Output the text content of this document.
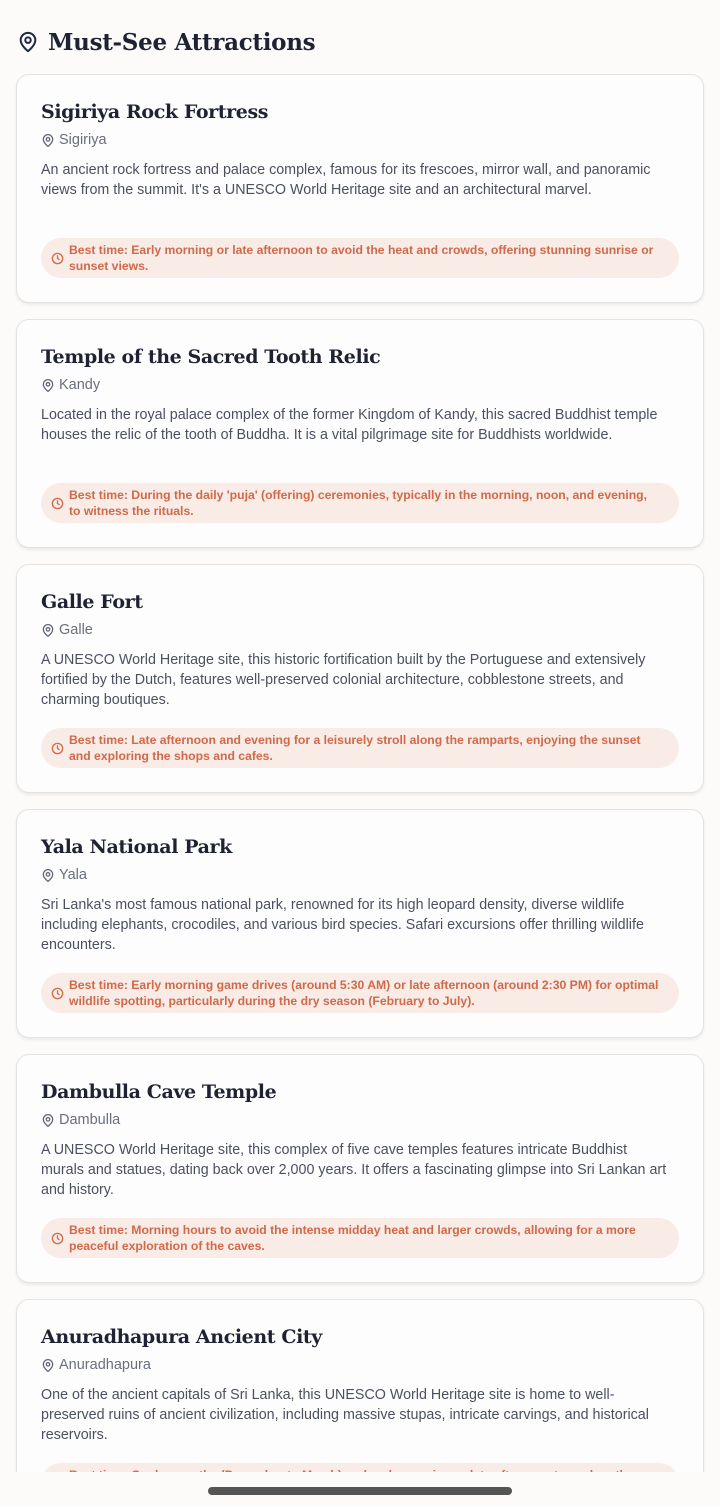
Must-See Attractions
Sigiriya Rock Fortress
Sigiriya

An ancient rock fortress and palace complex, famous for its frescoes, mirror wall, and panoramic views from the summit. It's a UNESCO World Heritage site and an architectural marvel.

Best time: Early morning or late afternoon to avoid the heat and crowds, offering stunning sunrise or sunset views.
Temple of the Sacred Tooth Relic
Kandy

Located in the royal palace complex of the former Kingdom of Kandy, this sacred Buddhist temple houses the relic of the tooth of Buddha. It is a vital pilgrimage site for Buddhists worldwide.

Best time: During the daily 'puja' (offering) ceremonies, typically in the morning, noon, and evening, to witness the rituals.
Galle Fort
Galle

A UNESCO World Heritage site, this historic fortification built by the Portuguese and extensively fortified by the Dutch, features well-preserved colonial architecture, cobblestone streets, and charming boutiques.

Best time: Late afternoon and evening for a leisurely stroll along the ramparts, enjoying the sunset and exploring the shops and cafes.
Yala National Park
Yala

Sri Lanka's most famous national park, renowned for its high leopard density, diverse wildlife including elephants, crocodiles, and various bird species. Safari excursions offer thrilling wildlife encounters.

Best time: Early morning game drives (around 5:30 AM) or late afternoon (around 2:30 PM) for optimal wildlife spotting, particularly during the dry season (February to July).
Dambulla Cave Temple
Dambulla

A UNESCO World Heritage site, this complex of five cave temples features intricate Buddhist murals and statues, dating back over 2,000 years. It offers a fascinating glimpse into Sri Lankan art and history.

Best time: Morning hours to avoid the intense midday heat and larger crowds, allowing for a more peaceful exploration of the caves.
Anuradhapura Ancient City
Anuradhapura

One of the ancient capitals of Sri Lanka, this UNESCO World Heritage site is home to well-preserved ruins of ancient civilization, including massive stupas, intricate carvings, and historical reservoirs.
